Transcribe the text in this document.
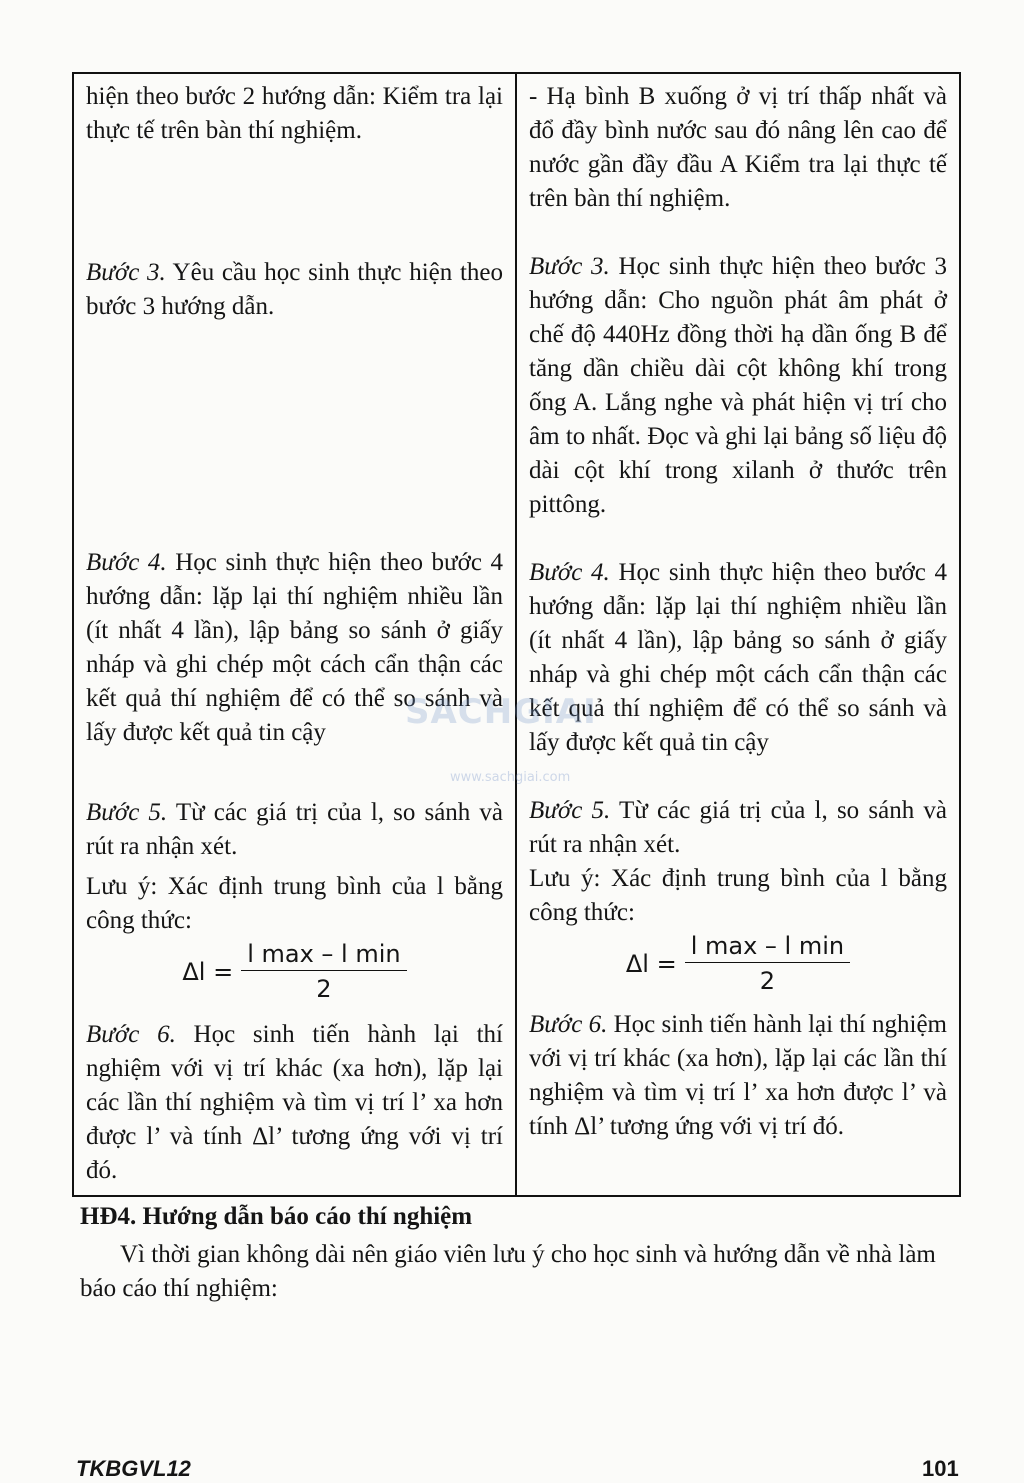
hiện theo bước 2 hướng dẫn: Kiểm tra lại thực tế trên bàn thí nghiệm.

Bước 3. Yêu cầu học sinh thực hiện theo bước 3 hướng dẫn.

Bước 4. Học sinh thực hiện theo bước 4 hướng dẫn: lặp lại thí nghiệm nhiều lần (ít nhất 4 lần), lập bảng so sánh ở giấy nháp và ghi chép một cách cẩn thận các kết quả thí nghiệm để có thể so sánh và lấy được kết quả tin cậy

Bước 5. Từ các giá trị của l, so sánh và rút ra nhận xét.

Lưu ý: Xác định trung bình của l bằng công thức:

$\Delta l = \frac{\text{l max – l min}}{2}$

Bước 6. Học sinh tiến hành lại thí nghiệm với vị trí khác (xa hơn), lặp lại các lần thí nghiệm và tìm vị trí l’ xa hơn được l’ và tính Δl’ tương ứng với vị trí đó.

- Hạ bình B xuống ở vị trí thấp nhất và đổ đầy bình nước sau đó nâng lên cao để nước gần đầy đầu A Kiểm tra lại thực tế trên bàn thí nghiệm.

Bước 3. Học sinh thực hiện theo bước 3 hướng dẫn: Cho nguồn phát âm phát ở chế độ 440Hz đồng thời hạ dần ống B để tăng dần chiều dài cột không khí trong ống A. Lắng nghe và phát hiện vị trí cho âm to nhất. Đọc và ghi lại bảng số liệu độ dài cột khí trong xilanh ở thước trên pittông.

Bước 4. Học sinh thực hiện theo bước 4 hướng dẫn: lặp lại thí nghiệm nhiều lần (ít nhất 4 lần), lập bảng so sánh ở giấy nháp và ghi chép một cách cẩn thận các kết quả thí nghiệm để có thể so sánh và lấy được kết quả tin cậy

Bước 5. Từ các giá trị của l, so sánh và rút ra nhận xét.

Lưu ý: Xác định trung bình của l bằng công thức:

$\Delta l = \frac{\text{l max – l min}}{2}$

Bước 6. Học sinh tiến hành lại thí nghiệm với vị trí khác (xa hơn), lặp lại các lần thí nghiệm và tìm vị trí l’ xa hơn được l’ và tính Δl’ tương ứng với vị trí đó.

SACHGIAI
www.sachgiai.com

HĐ4. Hướng dẫn báo cáo thí nghiệm

Vì thời gian không dài nên giáo viên lưu ý cho học sinh và hướng dẫn về nhà làm báo cáo thí nghiệm:

TKBGVL12	101
